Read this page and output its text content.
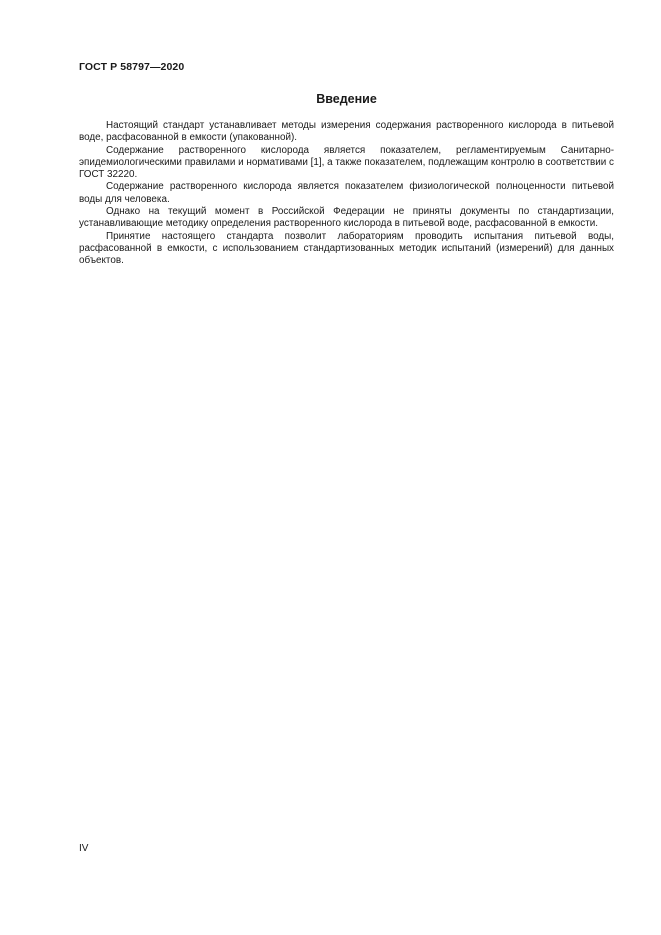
ГОСТ Р 58797—2020
Введение

Настоящий стандарт устанавливает методы измерения содержания растворенного кислорода в питьевой воде, расфасованной в емкости (упакованной).

Содержание растворенного кислорода является показателем, регламентируемым Санитарно-эпидемиологическими правилами и нормативами [1], а также показателем, подлежащим контролю в соответствии с ГОСТ 32220.

Содержание растворенного кислорода является показателем физиологической полноценности питьевой воды для человека.

Однако на текущий момент в Российской Федерации не приняты документы по стандартизации, устанавливающие методику определения растворенного кислорода в питьевой воде, расфасованной в емкости.

Принятие настоящего стандарта позволит лабораториям проводить испытания питьевой воды, расфасованной в емкости, с использованием стандартизованных методик испытаний (измерений) для данных объектов.

IV
